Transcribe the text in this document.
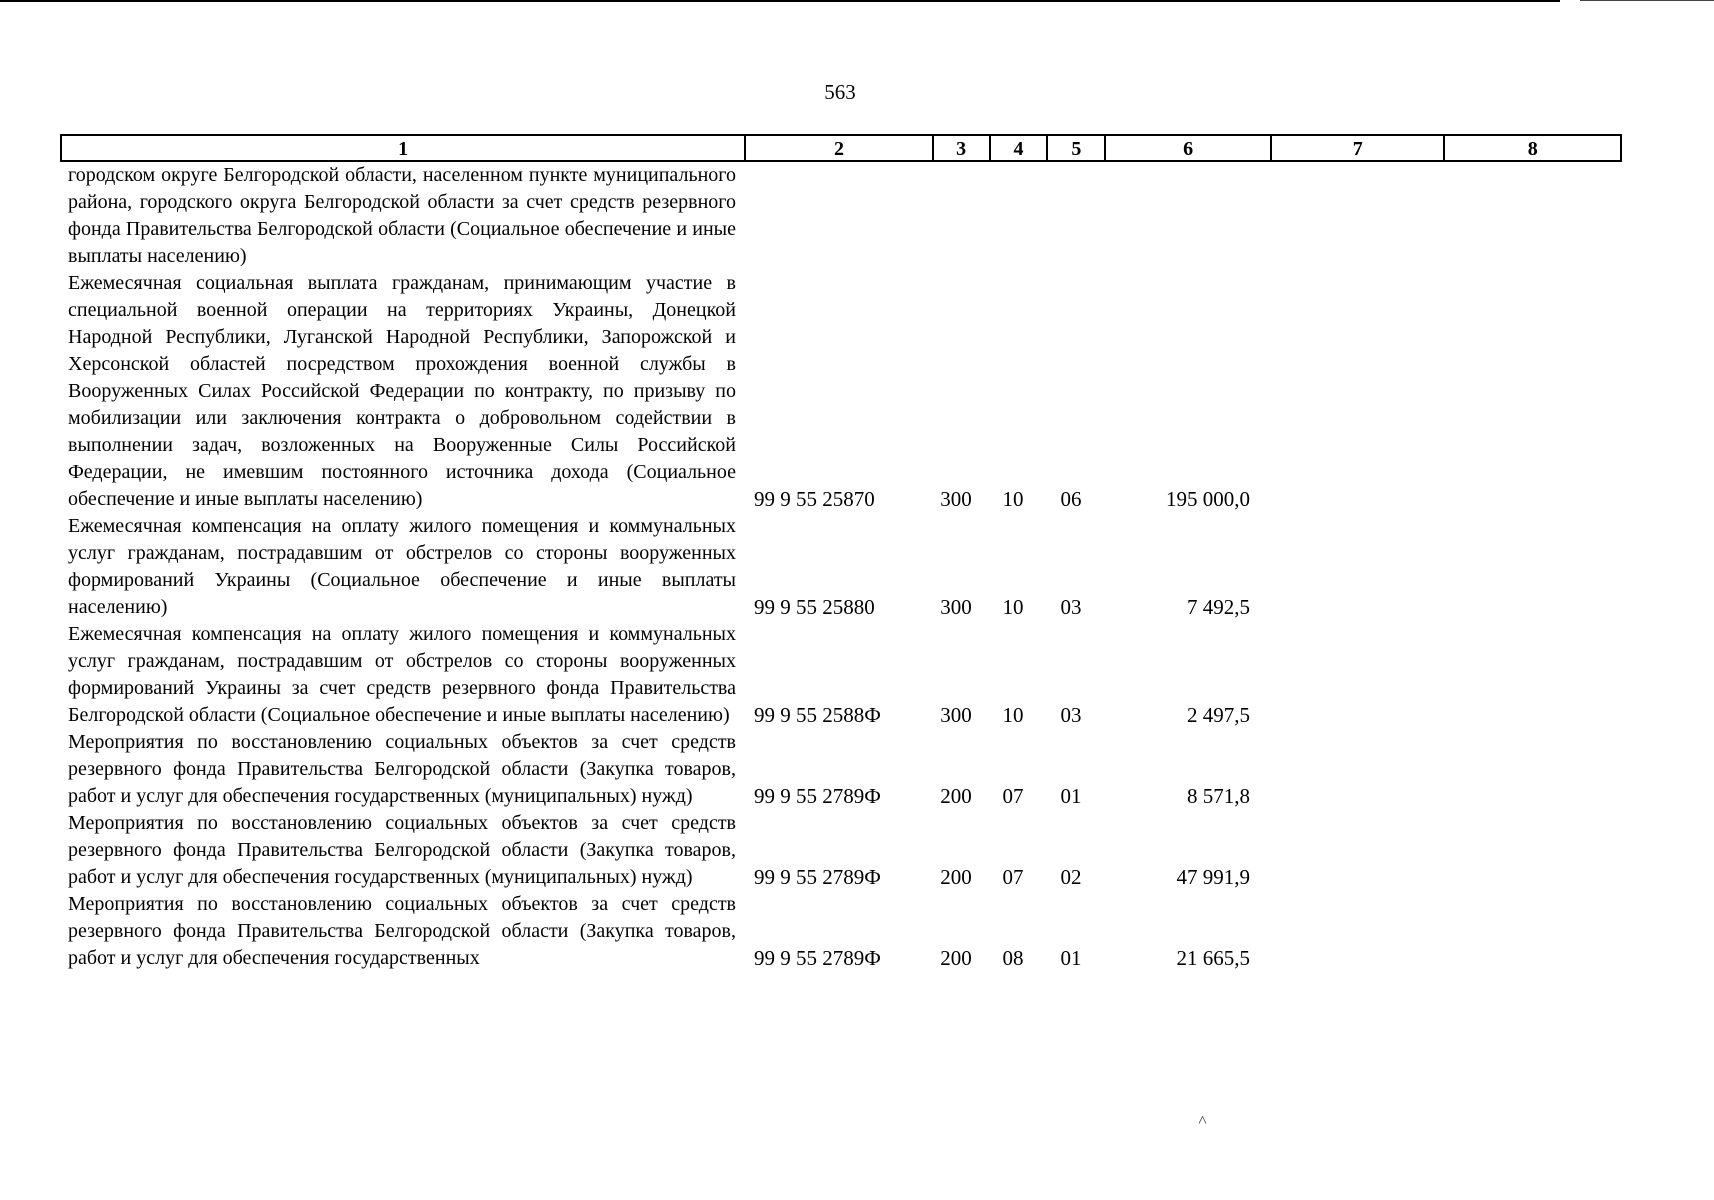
563
1	2	3	4	5	6	7	8
городском округе Белгородской области, населенном пункте муниципального района, городского округа Белгородской области за счет средств резервного фонда Правительства Белгородской области (Социальное обеспечение и иные выплаты населению)
Ежемесячная социальная выплата гражданам, принимающим участие в специальной военной операции на территориях Украины, Донецкой Народной Республики, Луганской Народной Республики, Запорожской и Херсонской областей посредством прохождения военной службы в Вооруженных Силах Российской Федерации по контракту, по призыву по мобилизации или заключения контракта о добровольном содействии в выполнении задач, возложенных на Вооруженные Силы Российской Федерации, не имевшим постоянного источника дохода (Социальное обеспечение и иные выплаты населению)	99 9 55 25870	300	10	06	195 000,0
Ежемесячная компенсация на оплату жилого помещения и коммунальных услуг гражданам, пострадавшим от обстрелов со стороны вооруженных формирований Украины (Социальное обеспечение и иные выплаты населению)	99 9 55 25880	300	10	03	7 492,5
Ежемесячная компенсация на оплату жилого помещения и коммунальных услуг гражданам, пострадавшим от обстрелов со стороны вооруженных формирований Украины за счет средств резервного фонда Правительства Белгородской области (Социальное обеспечение и иные выплаты населению)	99 9 55 2588Ф	300	10	03	2 497,5
Мероприятия по восстановлению социальных объектов за счет средств резервного фонда Правительства Белгородской области (Закупка товаров, работ и услуг для обеспечения государственных (муниципальных) нужд)	99 9 55 2789Ф	200	07	01	8 571,8
Мероприятия по восстановлению социальных объектов за счет средств резервного фонда Правительства Белгородской области (Закупка товаров, работ и услуг для обеспечения государственных (муниципальных) нужд)	99 9 55 2789Ф	200	07	02	47 991,9
Мероприятия по восстановлению социальных объектов за счет средств резервного фонда Правительства Белгородской области (Закупка товаров, работ и услуг для обеспечения государственных	99 9 55 2789Ф	200	08	01	21 665,5
˄
